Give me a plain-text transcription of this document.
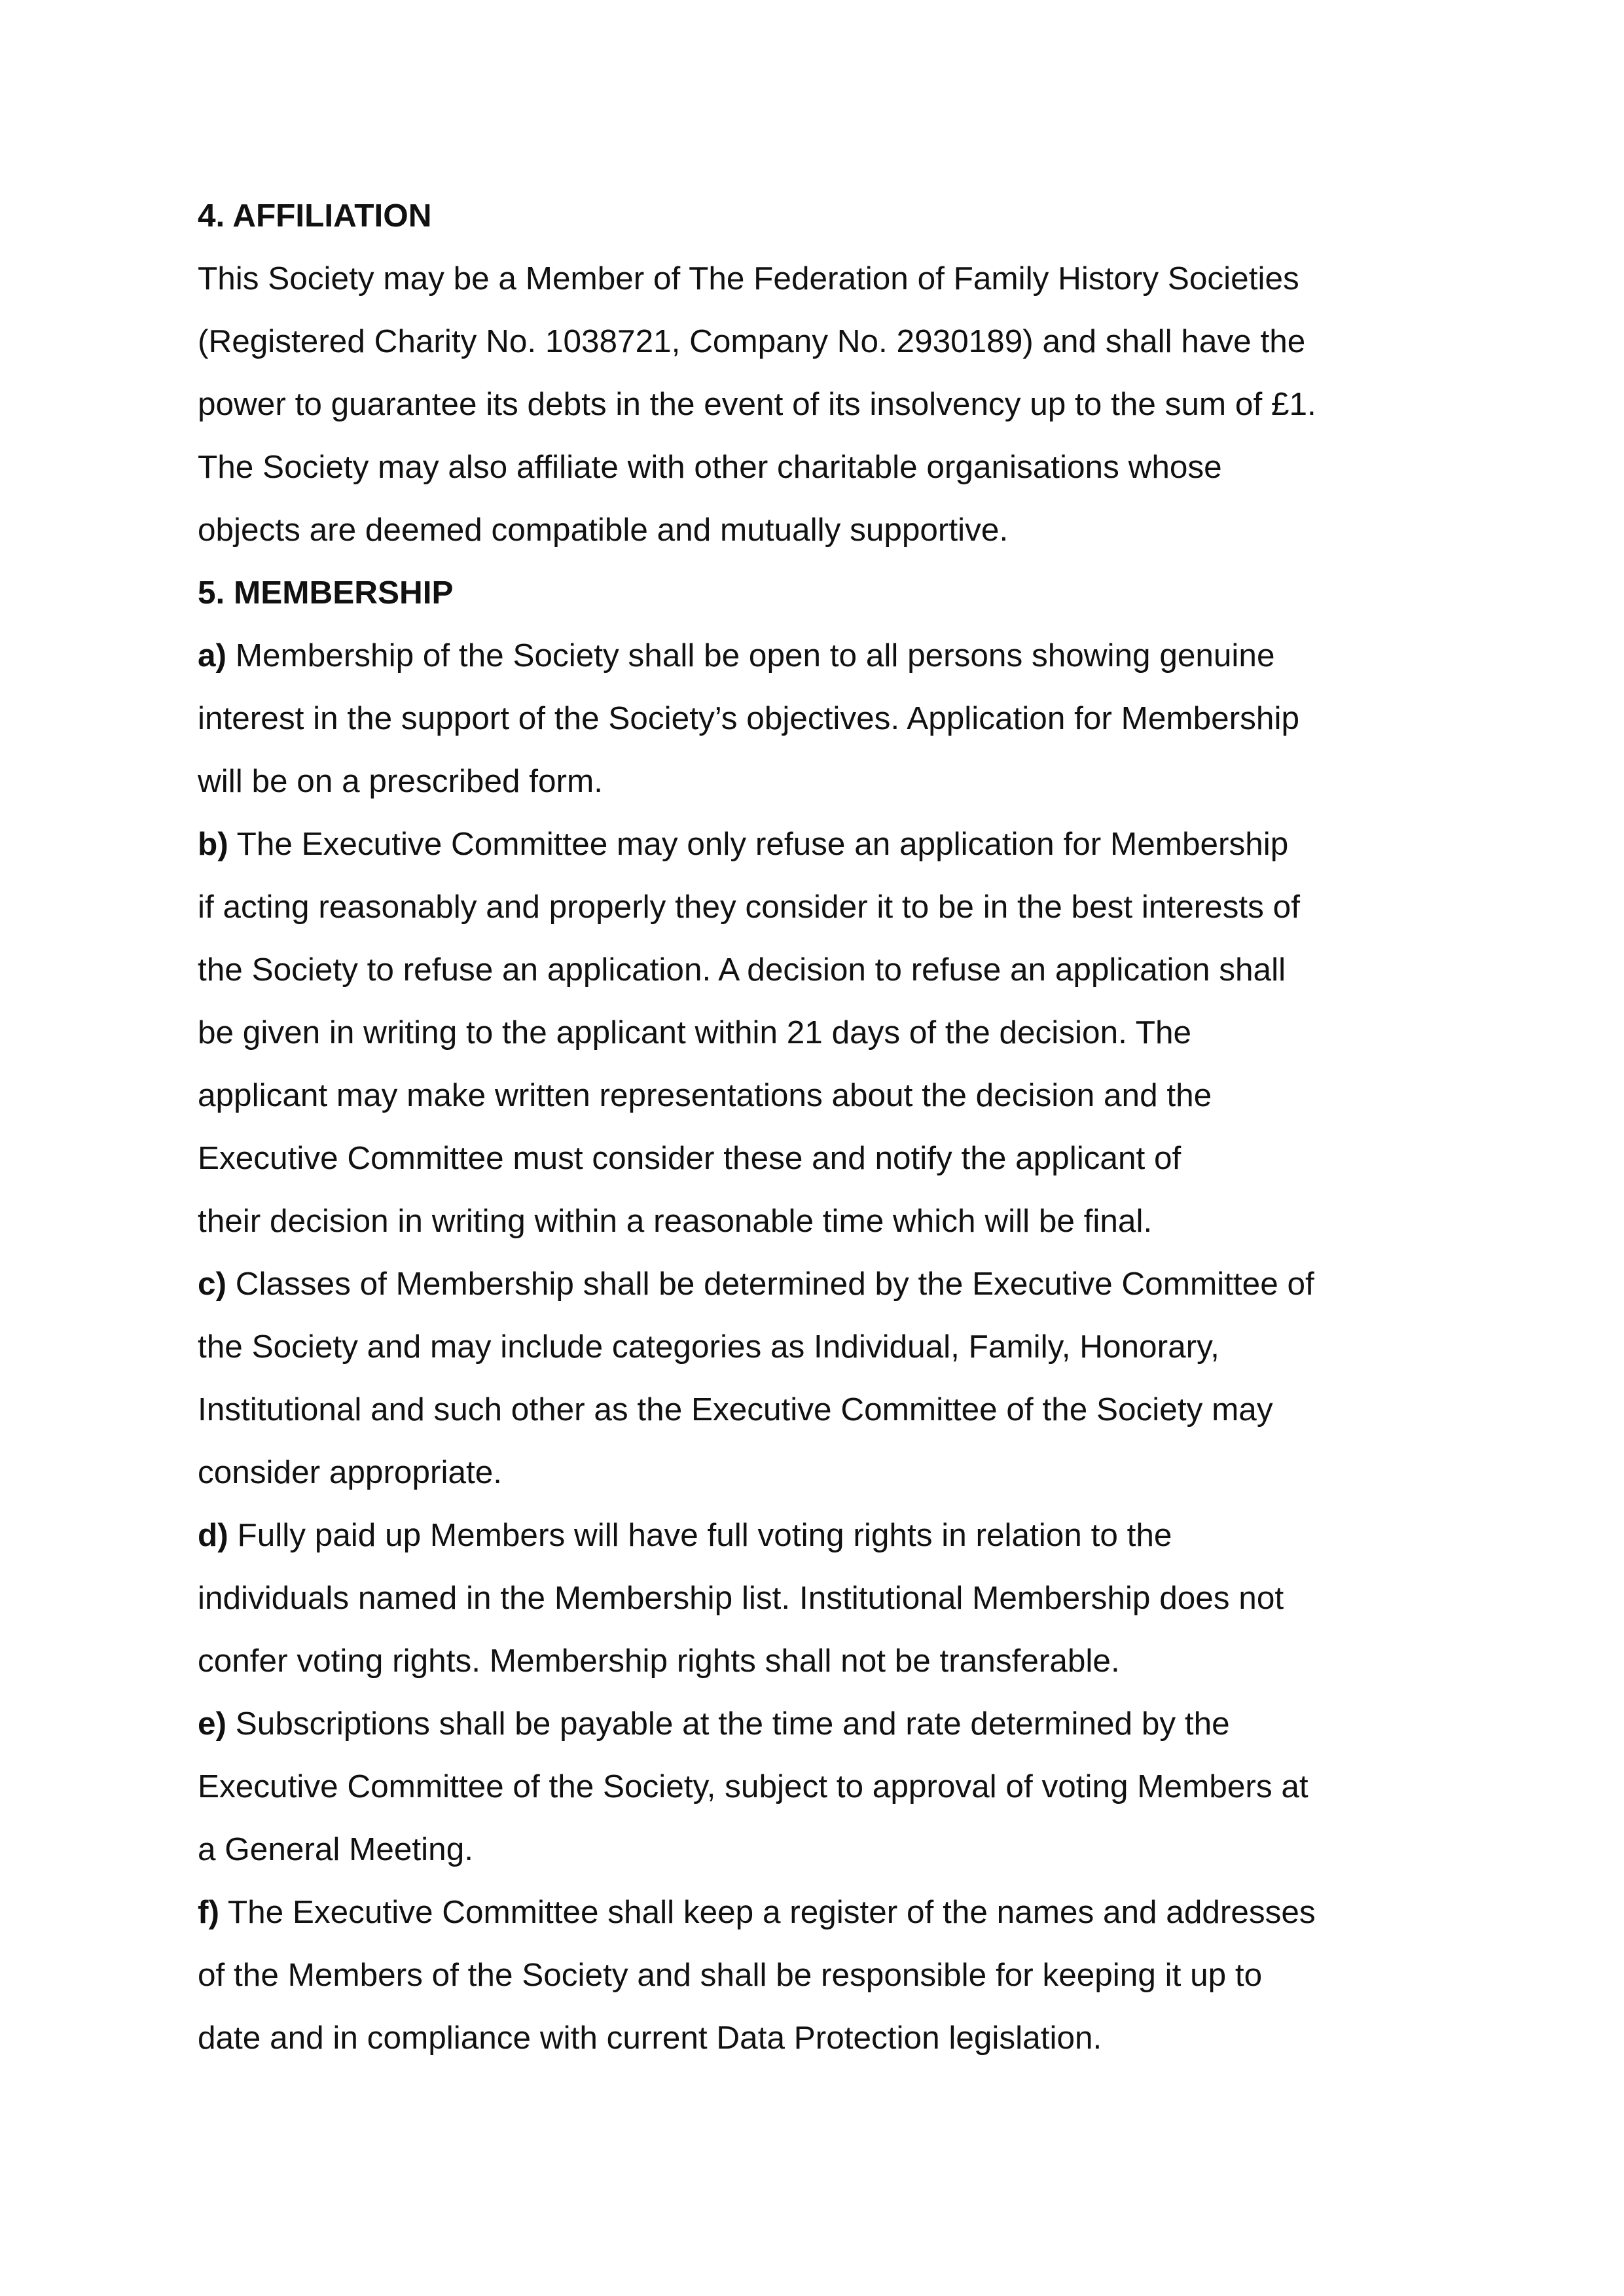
4. AFFILIATION

This Society may be a Member of The Federation of Family History Societies
(Registered Charity No. 1038721, Company No. 2930189) and shall have the
power to guarantee its debts in the event of its insolvency up to the sum of £1.
The Society may also affiliate with other charitable organisations whose
objects are deemed compatible and mutually supportive.

5. MEMBERSHIP

a) Membership of the Society shall be open to all persons showing genuine
interest in the support of the Society’s objectives. Application for Membership
will be on a prescribed form.

b) The Executive Committee may only refuse an application for Membership
if acting reasonably and properly they consider it to be in the best interests of
the Society to refuse an application. A decision to refuse an application shall
be given in writing to the applicant within 21 days of the decision. The
applicant may make written representations about the decision and the
Executive Committee must consider these and notify the applicant of
their decision in writing within a reasonable time which will be final.

c) Classes of Membership shall be determined by the Executive Committee of
the Society and may include categories as Individual, Family, Honorary,
Institutional and such other as the Executive Committee of the Society may
consider appropriate.

d) Fully paid up Members will have full voting rights in relation to the
individuals named in the Membership list. Institutional Membership does not
confer voting rights. Membership rights shall not be transferable.

e) Subscriptions shall be payable at the time and rate determined by the
Executive Committee of the Society, subject to approval of voting Members at
a General Meeting.

f) The Executive Committee shall keep a register of the names and addresses
of the Members of the Society and shall be responsible for keeping it up to
date and in compliance with current Data Protection legislation.
